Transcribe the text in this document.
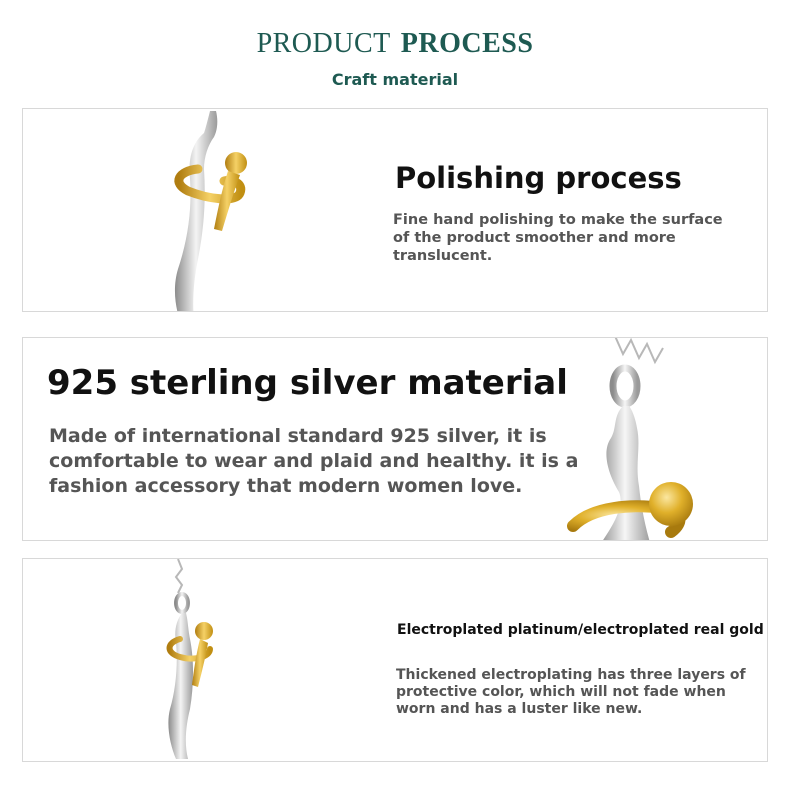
PRODUCT PROCESS
Craft material
Polishing process
Fine hand polishing to make the surface of the product smoother and more translucent.
925 sterling silver material
Made of international standard 925 silver, it is comfortable to wear and plaid and healthy. it is a fashion accessory that modern women love.
Electroplated platinum/electroplated real gold
Thickened electroplating has three layers of protective color, which will not fade when worn and has a luster like new.
